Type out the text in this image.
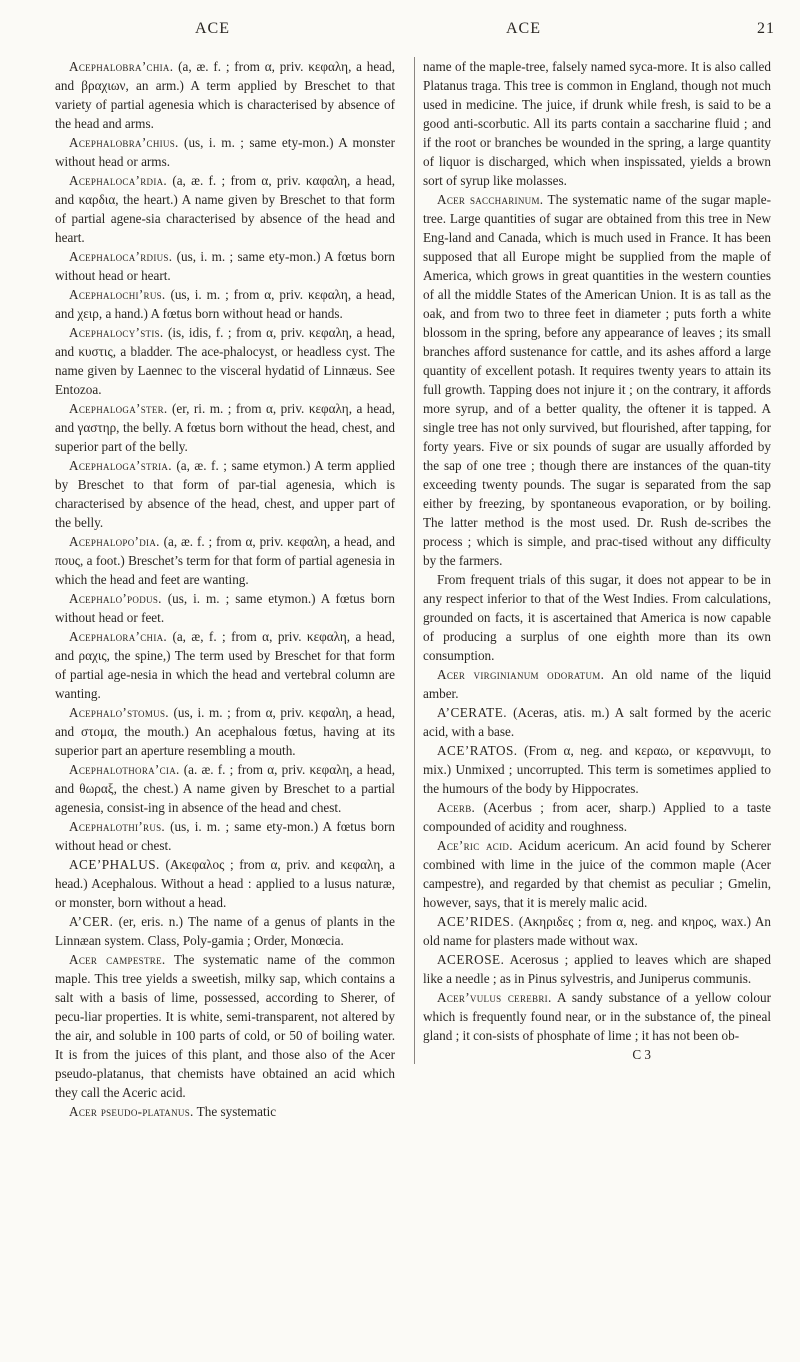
ACE	ACE	21

Acephalobra’chia. (a, æ. f. ; from α, priv. κεφαλη, a head, and βραχιων, an arm.) A term applied by Breschet to that variety of partial agenesia which is characterised by absence of the head and arms.

Acephalobra’chius. (us, i. m. ; same ety-mon.) A monster without head or arms.

Acephaloca’rdia. (a, æ. f. ; from α, priv. καφαλη, a head, and καρδια, the heart.) A name given by Breschet to that form of partial agene-sia characterised by absence of the head and heart.

Acephaloca’rdius. (us, i. m. ; same ety-mon.) A fœtus born without head or heart.

Acephalochi’rus. (us, i. m. ; from α, priv. κεφαλη, a head, and χειρ, a hand.) A fœtus born without head or hands.

Acephalocy’stis. (is, idis, f. ; from α, priv. κεφαλη, a head, and κυστις, a bladder. The ace-phalocyst, or headless cyst. The name given by Laennec to the visceral hydatid of Linnæus. See Entozoa.

Acephaloga’ster. (er, ri. m. ; from α, priv. κεφαλη, a head, and γαστηρ, the belly. A fœtus born without the head, chest, and superior part of the belly.

Acephaloga’stria. (a, æ. f. ; same etymon.) A term applied by Breschet to that form of par-tial agenesia, which is characterised by absence of the head, chest, and upper part of the belly.

Acephalopo’dia. (a, æ. f. ; from α, priv. κεφαλη, a head, and πους, a foot.) Breschet’s term for that form of partial agenesia in which the head and feet are wanting.

Acephalo’podus. (us, i. m. ; same etymon.) A fœtus born without head or feet.

Acephalora’chia. (a, æ, f. ; from α, priv. κεφαλη, a head, and ραχις, the spine,) The term used by Breschet for that form of partial age-nesia in which the head and vertebral column are wanting.

Acephalo’stomus. (us, i. m. ; from α, priv. κεφαλη, a head, and στομα, the mouth.) An acephalous fœtus, having at its superior part an aperture resembling a mouth.

Acephalothora’cia. (a. æ. f. ; from α, priv. κεφαλη, a head, and θωραξ, the chest.) A name given by Breschet to a partial agenesia, consist-ing in absence of the head and chest.

Acephalothi’rus. (us, i. m. ; same ety-mon.) A fœtus born without head or chest.

ACE’PHALUS. (Ακεφαλος ; from α, priv. and κεφαλη, a head.) Acephalous. Without a head : applied to a lusus naturæ, or monster, born without a head.

A’CER. (er, eris. n.) The name of a genus of plants in the Linnæan system. Class, Poly-gamia ; Order, Monœcia.

Acer campestre. The systematic name of the common maple. This tree yields a sweetish, milky sap, which contains a salt with a basis of lime, possessed, according to Sherer, of pecu-liar properties. It is white, semi-transparent, not altered by the air, and soluble in 100 parts of cold, or 50 of boiling water. It is from the juices of this plant, and those also of the Acer pseudo-platanus, that chemists have obtained an acid which they call the Aceric acid.

Acer pseudo-platanus. The systematic

name of the maple-tree, falsely named syca-more. It is also called Platanus traga. This tree is common in England, though not much used in medicine. The juice, if drunk while fresh, is said to be a good anti-scorbutic. All its parts contain a saccharine fluid ; and if the root or branches be wounded in the spring, a large quantity of liquor is discharged, which when inspissated, yields a brown sort of syrup like molasses.

Acer saccharinum. The systematic name of the sugar maple-tree. Large quantities of sugar are obtained from this tree in New Eng-land and Canada, which is much used in France. It has been supposed that all Europe might be supplied from the maple of America, which grows in great quantities in the western counties of all the middle States of the American Union. It is as tall as the oak, and from two to three feet in diameter ; puts forth a white blossom in the spring, before any appearance of leaves ; its small branches afford sustenance for cattle, and its ashes afford a large quantity of excellent potash. It requires twenty years to attain its full growth. Tapping does not injure it ; on the contrary, it affords more syrup, and of a better quality, the oftener it is tapped. A single tree has not only survived, but flourished, after tapping, for forty years. Five or six pounds of sugar are usually afforded by the sap of one tree ; though there are instances of the quan-tity exceeding twenty pounds. The sugar is separated from the sap either by freezing, by spontaneous evaporation, or by boiling. The latter method is the most used. Dr. Rush de-scribes the process ; which is simple, and prac-tised without any difficulty by the farmers.

From frequent trials of this sugar, it does not appear to be in any respect inferior to that of the West Indies. From calculations, grounded on facts, it is ascertained that America is now capable of producing a surplus of one eighth more than its own consumption.

Acer virginianum odoratum. An old name of the liquid amber.

A’CERATE. (Aceras, atis. m.) A salt formed by the aceric acid, with a base.

ACE’RATOS. (From α, neg. and κεραω, or κεραννυμι, to mix.) Unmixed ; uncorrupted. This term is sometimes applied to the humours of the body by Hippocrates.

Acerb. (Acerbus ; from acer, sharp.) Applied to a taste compounded of acidity and roughness.

Ace’ric acid. Acidum acericum. An acid found by Scherer combined with lime in the juice of the common maple (Acer campestre), and regarded by that chemist as peculiar ; Gmelin, however, says, that it is merely malic acid.

ACE’RIDES. (Ακηριδες ; from α, neg. and κηρος, wax.) An old name for plasters made without wax.

ACEROSE. Acerosus ; applied to leaves which are shaped like a needle ; as in Pinus sylvestris, and Juniperus communis.

Acer’vulus cerebri. A sandy substance of a yellow colour which is frequently found near, or in the substance of, the pineal gland ; it con-sists of phosphate of lime ; it has not been ob-

C 3
